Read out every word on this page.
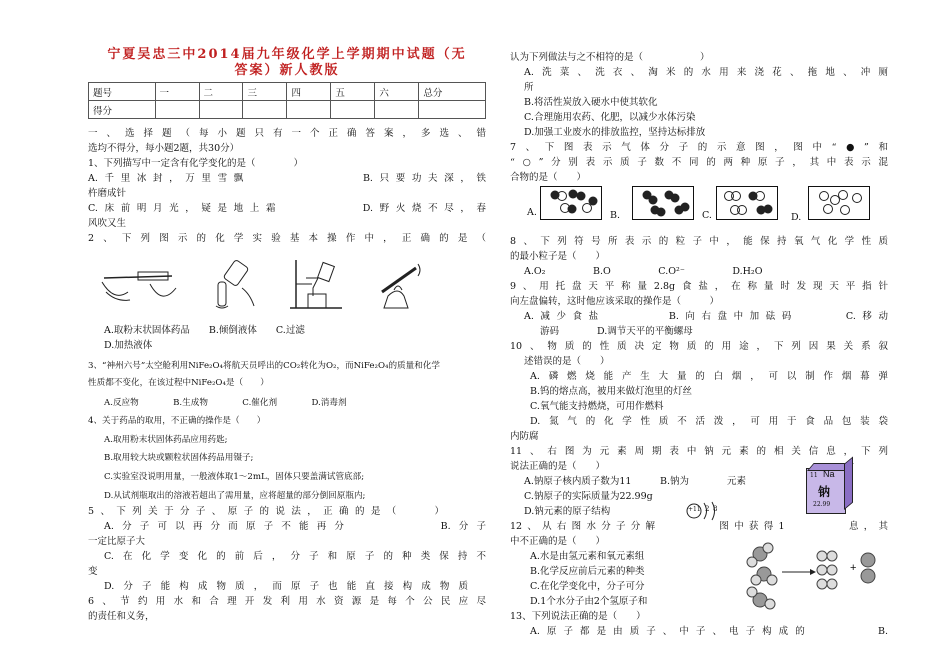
宁夏吴忠三中2014届九年级化学上学期期中试题（无
答案）新人教版
题号	一	二	三	四	五	六	总分
得分							
一、选择题（每小题只有一个正确答案，多选、错
选均不得分，每小题2题，共30分）
1、下列描写中一定含有化学变化的是（　　　　）
A.千里冰封，万里雪飘　　　　　　　B.只要功夫深，铁
杵磨成针
C.床前明月光，疑是地上霜　　　　　D.野火烧不尽，春
风吹又生
2、下列图示的化学实验基本操作中，正确的是（
A.取粉末状固体药品　　B.倾倒液体　　C.过滤
D.加热液体
3、“神州六号”太空舱利用NiFe₂O₄将航天员呼出的CO₂转化为O₂，而NiFe₂O₄的质量和化学
性质都不变化，在该过程中NiFe₂O₄是（　　）
A.反应物　　　　B.生成物　　　　C.催化剂　　　　D.消毒剂
4、关于药品的取用，不正确的操作是（　　）
A.取用粉末状固体药品应用药匙;
B.取用较大块或颗粒状固体药品用镊子;
C.实验室没说明用量，一般液体取1～2mL，固体只要盖满试管底部;
D.从试剂瓶取出的溶液若超出了需用量，应将超量的部分倒回原瓶内;
5、下列关于分子、原子的说法，正确的是（　　）
A.分子可以再分而原子不能再分　　　　　B.分子
一定比原子大
C.在化学变化的前后，分子和原子的种类保持不
变
D.分子能构成物质，而原子也能直接构成物质
6、节约用水和合理开发利用水资源是每个公民应尽
的责任和义务，
认为下列做法与之不相符的是（　　　　　　）
A.洗菜、洗衣、淘米的水用来浇花、拖地、冲厕
所
B.将活性炭放入硬水中使其软化
C.合理施用农药、化肥，以减少水体污染
D.加强工业废水的排放监控，坚持达标排放
7、下图表示气体分子的示意图，图中“●”和
“○”分别表示质子数不同的两种原子，其中表示混
合物的是（　　）
A.	B.	C.	D.
8、下列符号所表示的粒子中，能保持氧气化学性质
的最小粒子是（　　）
A.O₂　　　　　B.O　　　　　C.O²⁻　　　　　D.H₂O
9、用托盘天平称量2.8g食盐，在称量时发现天平指针
向左盘偏转，这时他应该采取的操作是（　　　）
A.减少食盐　　　　B.向右盘中加砝码　　　C.移动
游码　　　　D.调节天平的平衡螺母
10、物质的性质决定物质的用途，下列因果关系叙
述错误的是（　　）
A.磷燃烧能产生大量的白烟，可以制作烟幕弹
B.钨的熔点高，被用来做灯泡里的灯丝
C.氧气能支持燃烧，可用作燃料
D.氮气的化学性质不活泼，可用于食品包装袋
内防腐
11、右图为元素周期表中钠元素的相关信息，下列
说法正确的是（　　）
A.钠原子核内质子数为11　　　B.钠为　　　　元素
C.钠原子的实际质量为22.99g
D.钠元素的原子结构
12、从右图水分子分解　　　　图中获得1　　　　息，其
中不正确的是（　　）
A.水是由氢元素和氧元素组
B.化学反应前后元素的种类
C.在化学变化中，分子可分
D.1个水分子由2个氢原子和
13、下列说法正确的是（　　）
A.原子都是由质子、中子、电子构成的　　　　B.
11 Na
钠
22.99
+11 2 8
+
